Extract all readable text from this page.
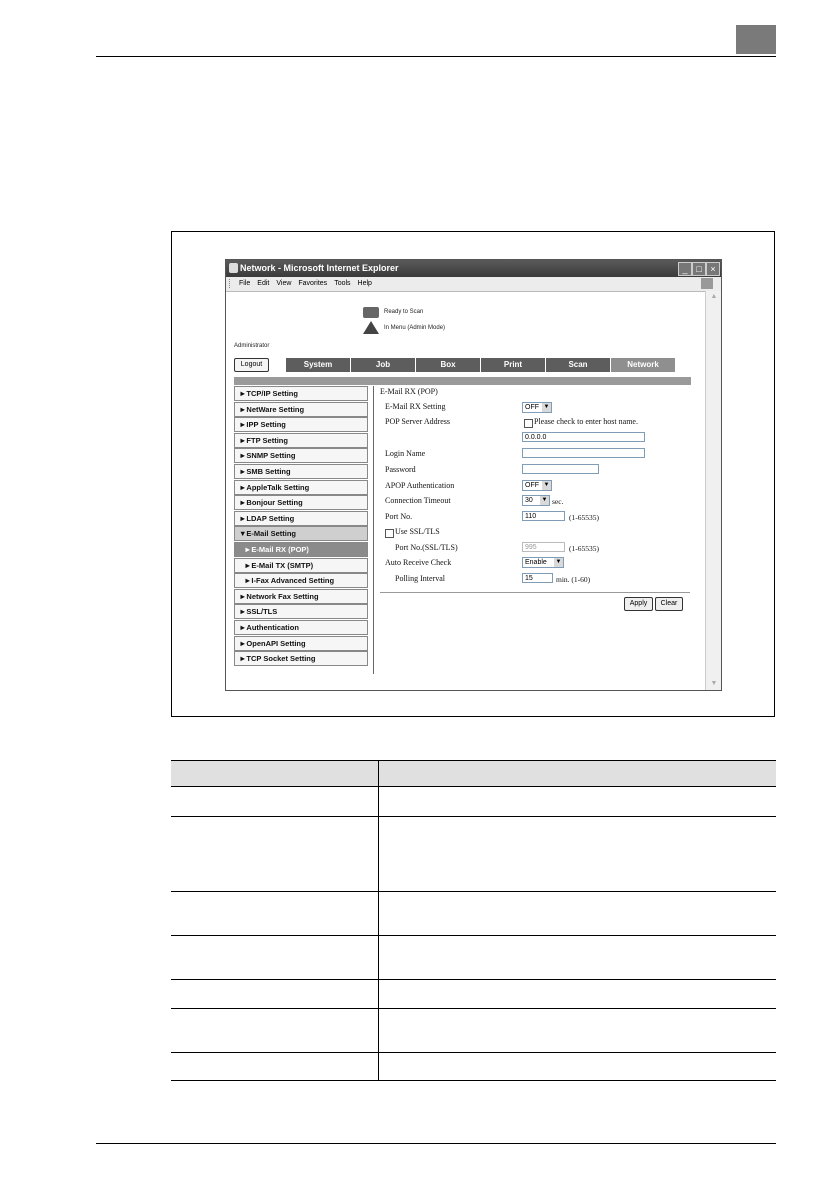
Network - Microsoft Internet Explorer	_ □ ×
File Edit View Favorites Tools Help
▲
▼
Ready to Scan
In Menu (Admin Mode)
Administrator
Logout	System	Job	Box	Print	Scan	Network
►TCP/IP Setting
►NetWare Setting
►IPP Setting
►FTP Setting
►SNMP Setting
►SMB Setting
►AppleTalk Setting
►Bonjour Setting
►LDAP Setting
▼E-Mail Setting
►E-Mail RX (POP)
►E-Mail TX (SMTP)
►I-Fax Advanced Setting
►Network Fax Setting
►SSL/TLS
►Authentication
►OpenAPI Setting
►TCP Socket Setting
E-Mail RX (POP)
E-Mail RX Setting	OFF ▼
POP Server Address	Please check to enter host name.
0.0.0.0
Login Name
Password
APOP Authentication	OFF ▼
Connection Timeout	30 ▼ sec.
Port No.	110	(1-65535)
Use SSL/TLS
Port No.(SSL/TLS)	995	(1-65535)
Auto Receive Check	Enable ▼
Polling Interval	15	min. (1-60)
Apply	Clear
